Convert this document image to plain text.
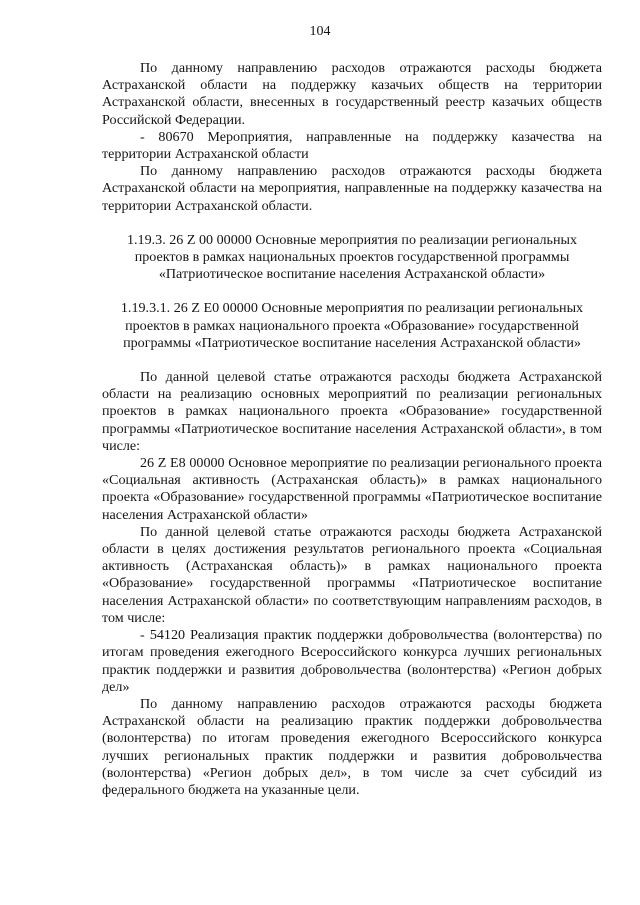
104

По данному направлению расходов отражаются расходы бюджета Астраханской области на поддержку казачьих обществ на территории Астраханской области, внесенных в государственный реестр казачьих обществ Российской Федерации.

- 80670 Мероприятия, направленные на поддержку казачества на территории Астраханской области

По данному направлению расходов отражаются расходы бюджета Астраханской области на мероприятия, направленные на поддержку казачества на территории Астраханской области.

1.19.3. 26 Z 00 00000 Основные мероприятия по реализации региональных проектов в рамках национальных проектов государственной программы «Патриотическое воспитание населения Астраханской области»
1.19.3.1. 26 Z E0 00000 Основные мероприятия по реализации региональных проектов в рамках национального проекта «Образование» государственной программы «Патриотическое воспитание населения Астраханской области»

По данной целевой статье отражаются расходы бюджета Астраханской области на реализацию основных мероприятий по реализации региональных проектов в рамках национального проекта «Образование» государственной программы «Патриотическое воспитание населения Астраханской области», в том числе:

26 Z E8 00000 Основное мероприятие по реализации регионального проекта «Социальная активность (Астраханская область)» в рамках национального проекта «Образование» государственной программы «Патриотическое воспитание населения Астраханской области»

По данной целевой статье отражаются расходы бюджета Астраханской области в целях достижения результатов регионального проекта «Социальная активность (Астраханская область)» в рамках национального проекта «Образование» государственной программы «Патриотическое воспитание населения Астраханской области» по соответствующим направлениям расходов, в том числе:

- 54120 Реализация практик поддержки добровольчества (волонтерства) по итогам проведения ежегодного Всероссийского конкурса лучших региональных практик поддержки и развития добровольчества (волонтерства) «Регион добрых дел»

По данному направлению расходов отражаются расходы бюджета Астраханской области на реализацию практик поддержки добровольчества (волонтерства) по итогам проведения ежегодного Всероссийского конкурса лучших региональных практик поддержки и развития добровольчества (волонтерства) «Регион добрых дел», в том числе за счет субсидий из федерального бюджета на указанные цели.
